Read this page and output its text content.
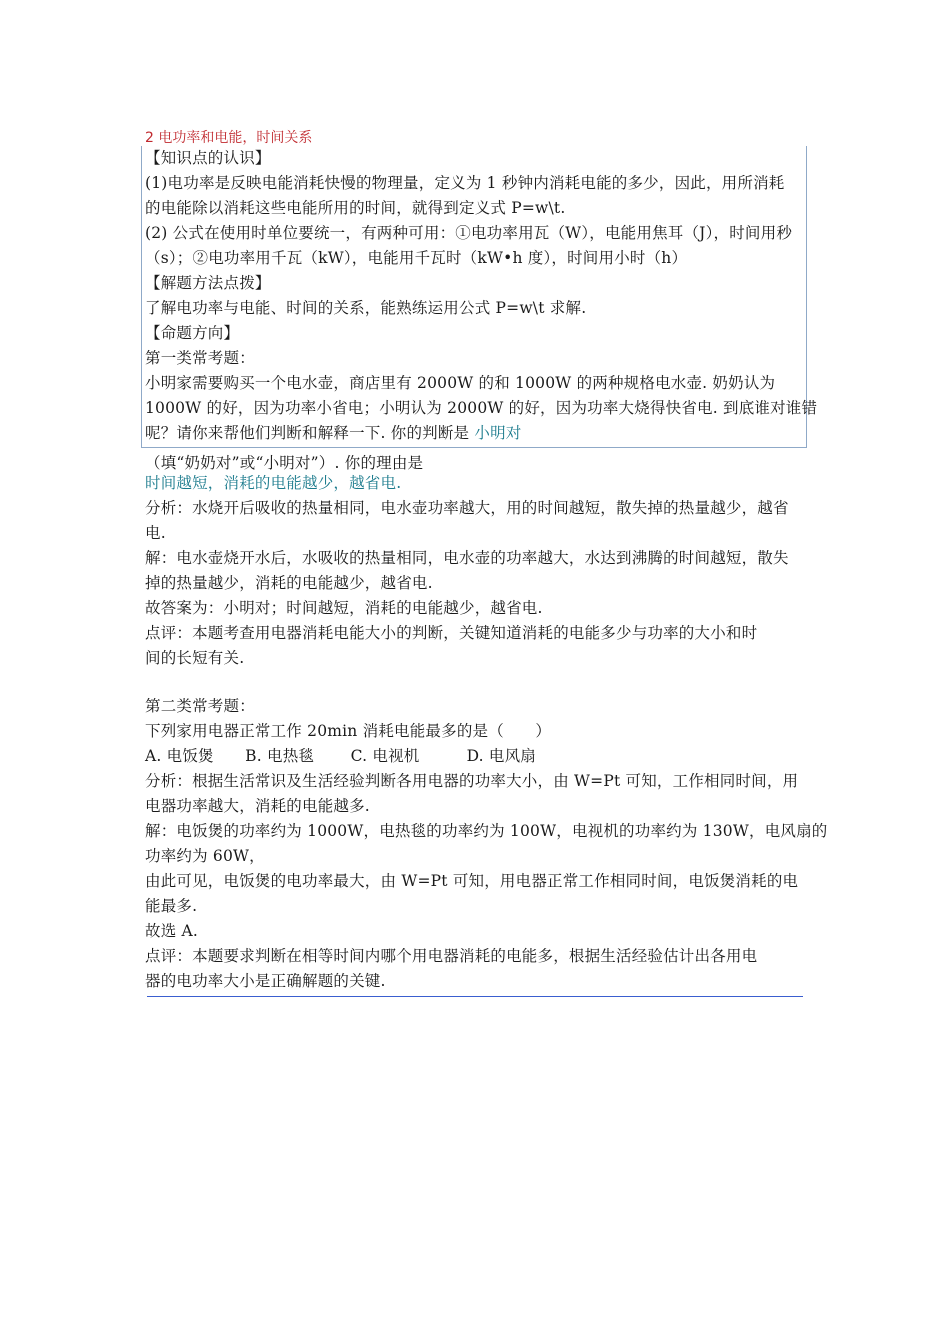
2 电功率和电能，时间关系
【知识点的认识】
(1)电功率是反映电能消耗快慢的物理量，定义为 1 秒钟内消耗电能的多少，因此，用所消耗
的电能除以消耗这些电能所用的时间，就得到定义式 P=w\t.
(2) 公式在使用时单位要统一，有两种可用：①电功率用瓦（W），电能用焦耳（J），时间用秒
（s）；②电功率用千瓦（kW），电能用千瓦时（kW•h 度），时间用小时（h）
【解题方法点拨】
了解电功率与电能、时间的关系，能熟练运用公式 P=w\t 求解.
【命题方向】
第一类常考题：
小明家需要购买一个电水壶，商店里有 2000W 的和 1000W 的两种规格电水壶. 奶奶认为
1000W 的好，因为功率小省电；小明认为 2000W 的好，因为功率大烧得快省电. 到底谁对谁错
呢？请你来帮他们判断和解释一下. 你的判断是 小明对
（填“奶奶对”或“小明对”）. 你的理由是
时间越短，消耗的电能越少，越省电.
分析：水烧开后吸收的热量相同，电水壶功率越大，用的时间越短，散失掉的热量越少，越省
电.
解：电水壶烧开水后，水吸收的热量相同，电水壶的功率越大，水达到沸腾的时间越短，散失
掉的热量越少，消耗的电能越少，越省电.
故答案为：小明对；时间越短，消耗的电能越少，越省电.
点评：本题考查用电器消耗电能大小的判断，关键知道消耗的电能多少与功率的大小和时
间的长短有关.
第二类常考题：
下列家用电器正常工作 20min 消耗电能最多的是（　　）
A. 电饭煲　　B. 电热毯　　 C. 电视机　　　D. 电风扇
分析：根据生活常识及生活经验判断各用电器的功率大小，由 W=Pt 可知，工作相同时间，用
电器功率越大，消耗的电能越多.
解：电饭煲的功率约为 1000W，电热毯的功率约为 100W，电视机的功率约为 130W，电风扇的
功率约为 60W，
由此可见，电饭煲的电功率最大，由 W=Pt 可知，用电器正常工作相同时间，电饭煲消耗的电
能最多.
故选 A.
点评：本题要求判断在相等时间内哪个用电器消耗的电能多，根据生活经验估计出各用电
器的电功率大小是正确解题的关键.
